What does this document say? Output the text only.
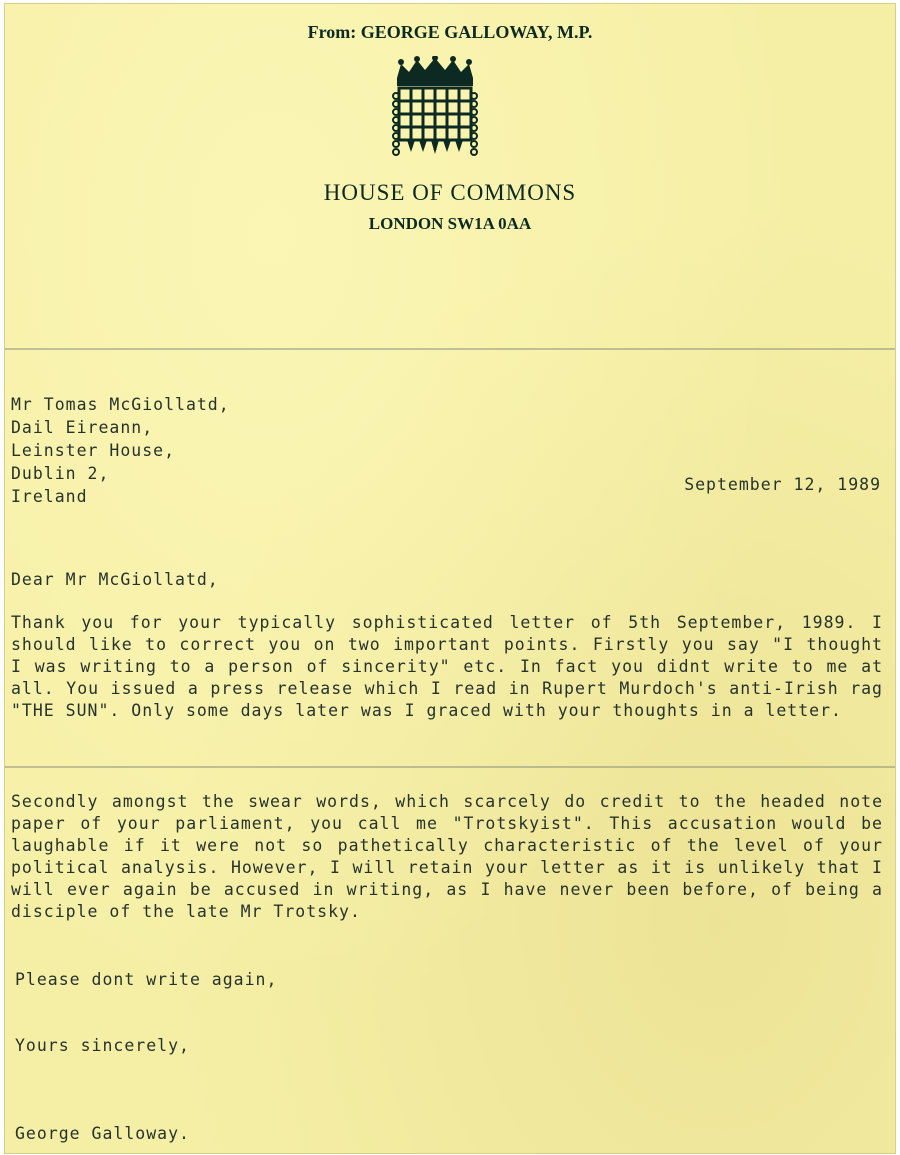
From: GEORGE GALLOWAY, M.P.
HOUSE OF COMMONS
LONDON SW1A 0AA
Mr Tomas McGiollatd,
Dail Eireann,
Leinster House,
Dublin 2,
Ireland
September 12, 1989
Dear Mr McGiollatd,
Thank you for your typically sophisticated letter of 5th September, 1989. I should like to correct you on two important points. Firstly you say "I thought I was writing to a person of sincerity" etc. In fact you didnt write to me at all. You issued a press release which I read in Rupert Murdoch's anti-Irish rag "THE SUN". Only some days later was I graced with your thoughts in a letter.
Secondly amongst the swear words, which scarcely do credit to the headed note paper of your parliament, you call me "Trotskyist". This accusation would be laughable if it were not so pathetically characteristic of the level of your political analysis. However, I will retain your letter as it is unlikely that I will ever again be accused in writing, as I have never been before, of being a disciple of the late Mr Trotsky.
Please dont write again,
Yours sincerely,
George Galloway.
